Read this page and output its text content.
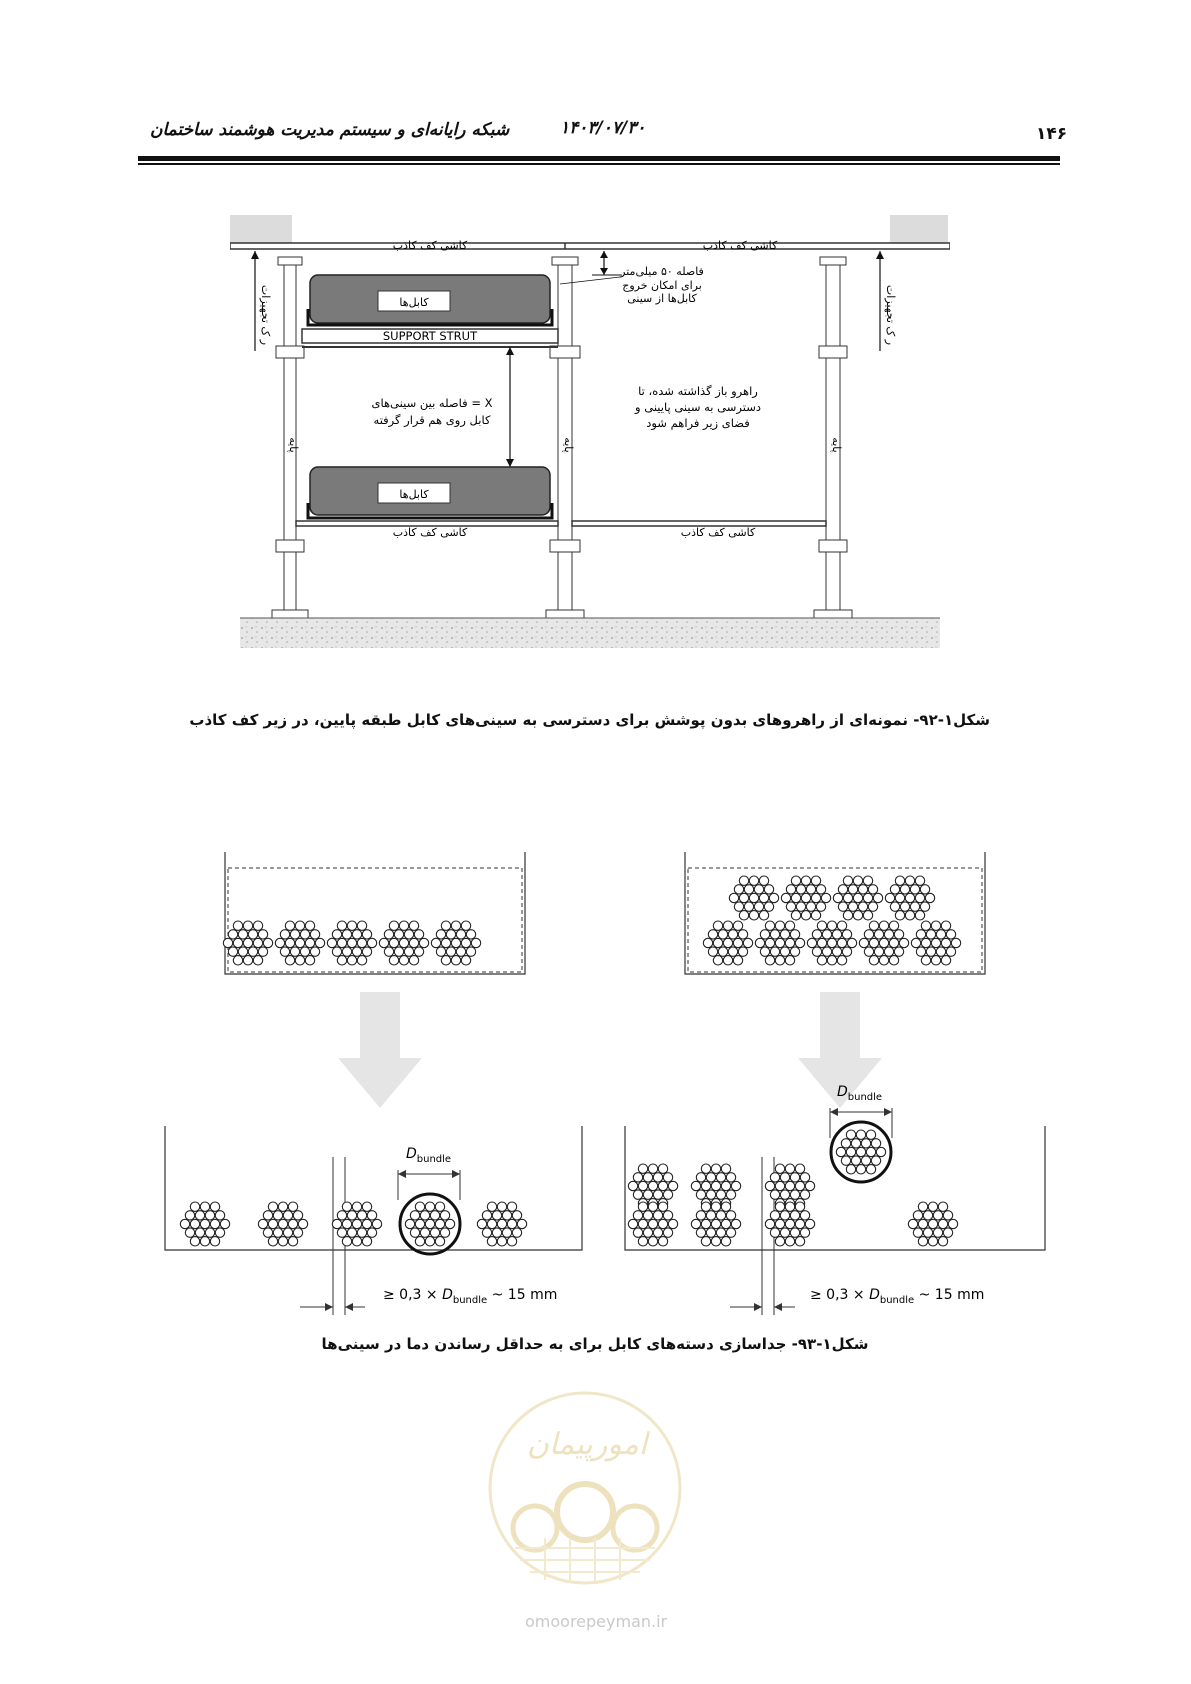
شبکه رایانه‌ای و سیستم مدیریت هوشمند ساختمان	۱۴۰۳/۰۷/۳۰	۱۴۶
کاشی کف کاذب	کاشی کف کاذب
پایه	پایه	پایه
کابل‌ها
SUPPORT STRUT
فاصله ۵۰ میلی‌متر
برای امکان خروج
کابل‌ها از سینی
X = فاصله بین سینی‌های
کابل روی هم قرار گرفته
کابل‌ها
راهرو باز گذاشته شده، تا
دسترسی به سینی پایینی و
فضای زیر فراهم شود
کاشی کف کاذب	کاشی کف کاذب
ر ک تجهیزات	ر ک تجهیزات
شکل۱-۹۲- نمونه‌ای از راهروهای بدون پوشش برای دسترسی به سینی‌های کابل طبقه پایین، در زیر کف کاذب
≥ $0,3 \times D_{bundle}$ ~ 15 mm	≥ $0,3 \times D_{bundle}$ ~ 15 mm
$D_{bundle}$
$D_{bundle}$
شکل۱-۹۳- جداسازی دسته‌های کابل برای به حداقل رساندن دما در سینی‌ها
امورپیمان
omoorepeyman.ir
